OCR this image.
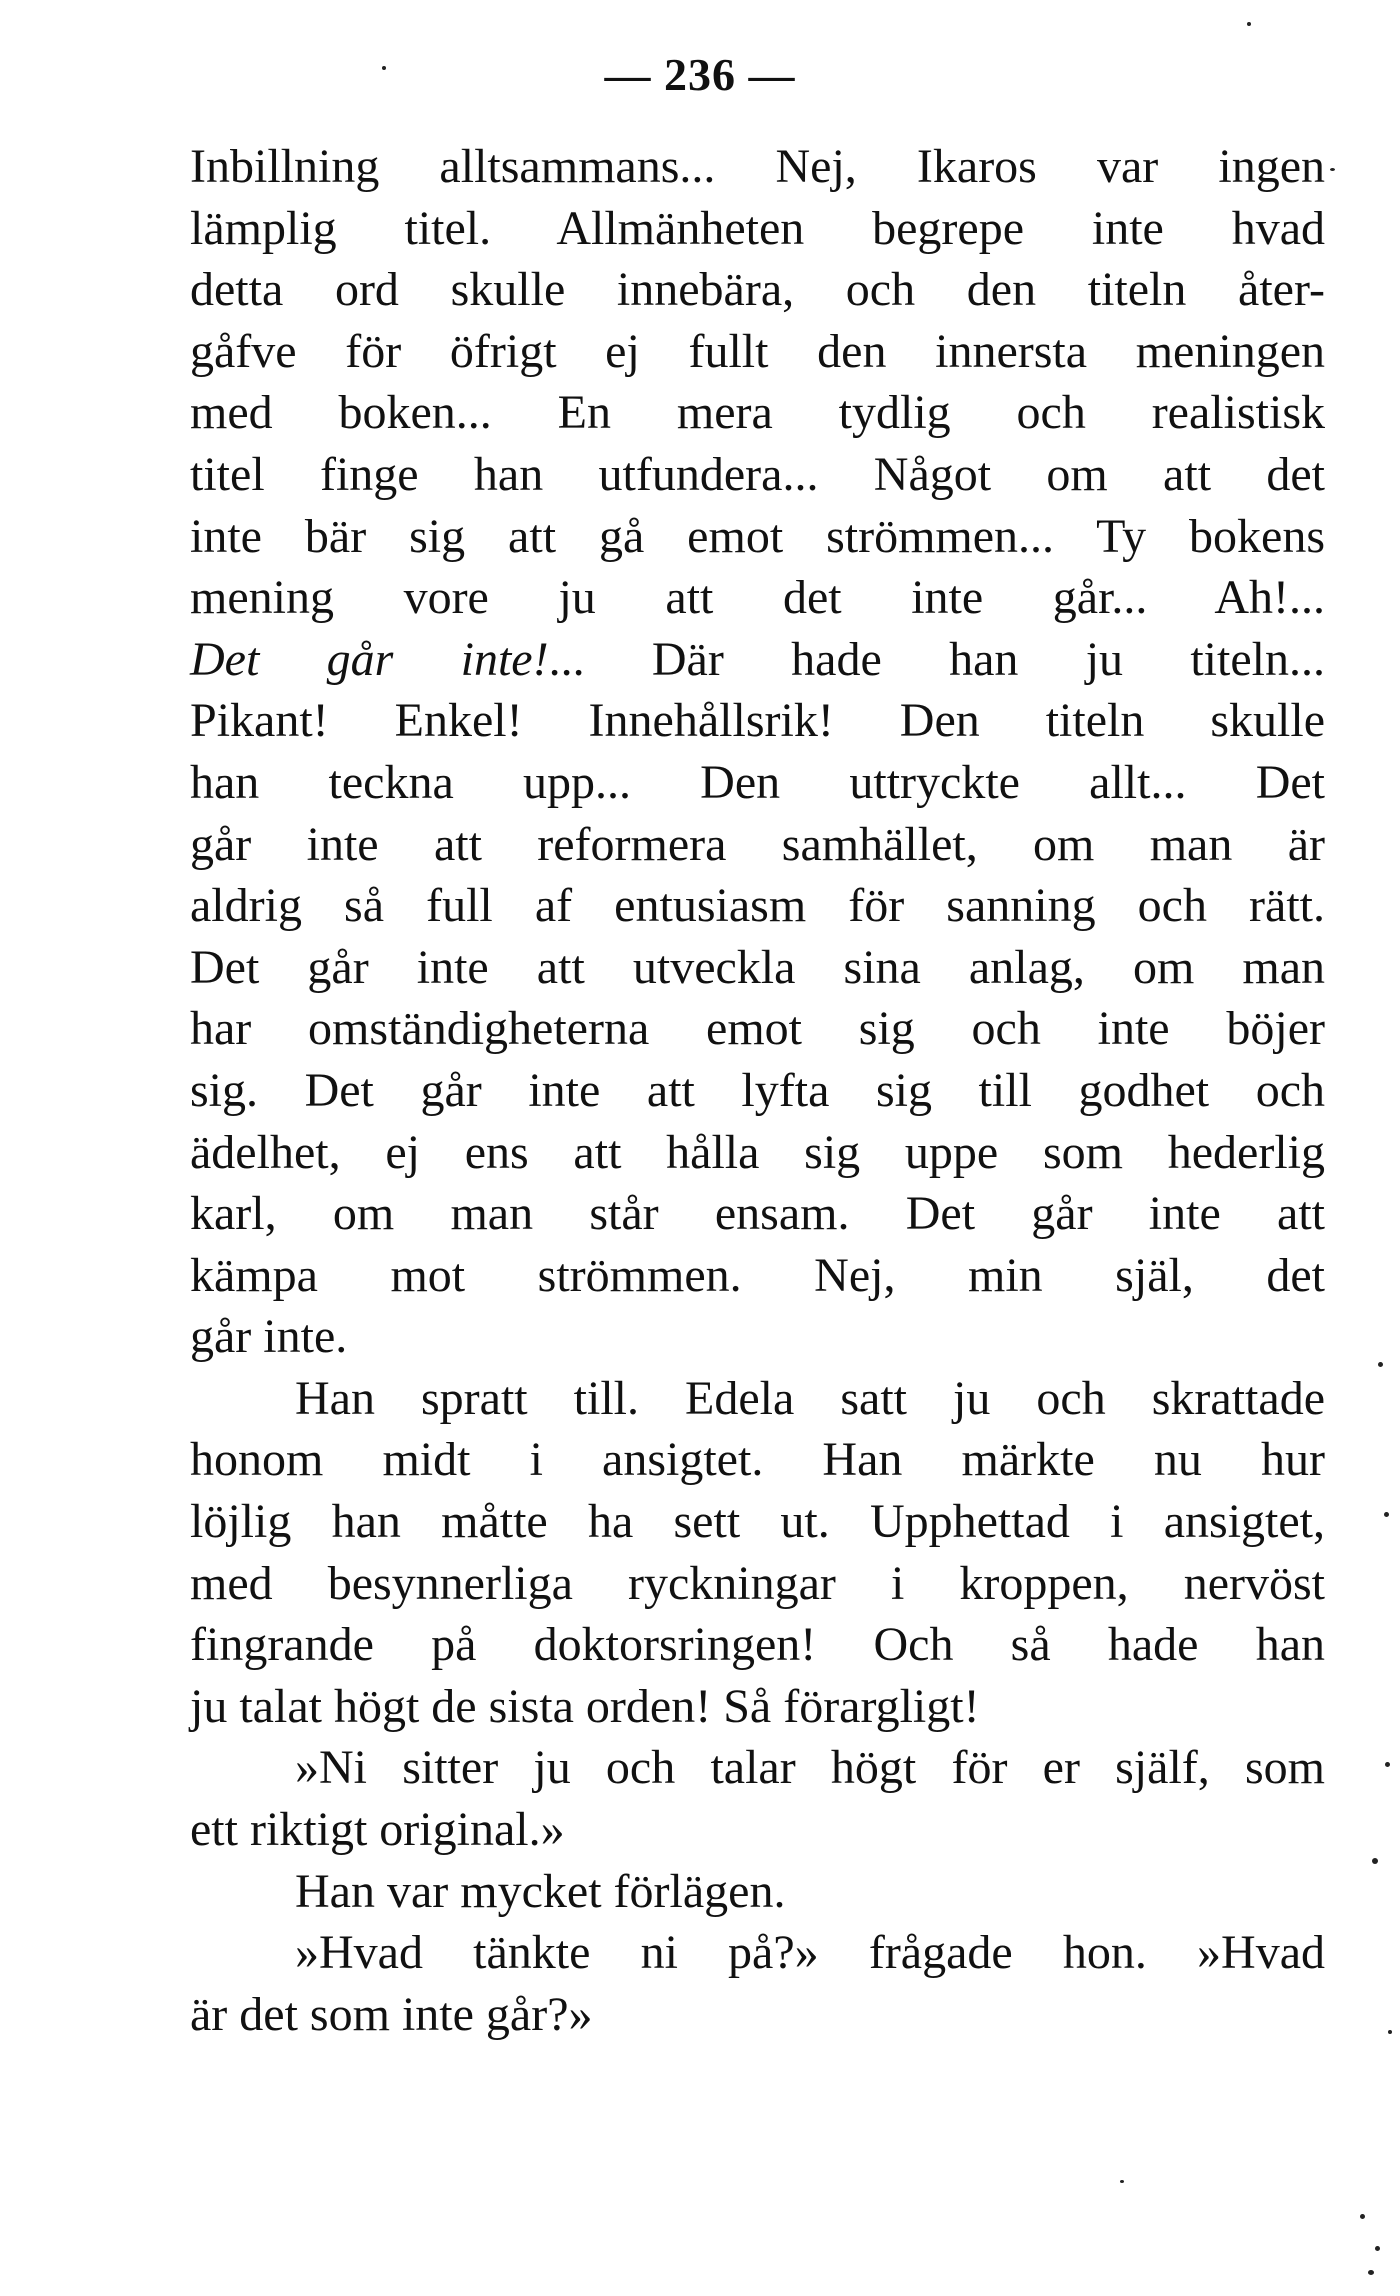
— 236 —
Inbillning alltsammans... Nej, Ikaros var ingen
lämplig titel. Allmänheten begrepe inte hvad
detta ord skulle innebära, och den titeln åter-
gåfve för öfrigt ej fullt den innersta meningen
med boken... En mera tydlig och realistisk
titel finge han utfundera... Något om att det
inte bär sig att gå emot strömmen... Ty bokens
mening vore ju att det inte går... Ah!...
Det går inte!... Där hade han ju titeln...
Pikant! Enkel! Innehållsrik! Den titeln skulle
han teckna upp... Den uttryckte allt... Det
går inte att reformera samhället, om man är
aldrig så full af entusiasm för sanning och rätt.
Det går inte att utveckla sina anlag, om man
har omständigheterna emot sig och inte böjer
sig. Det går inte att lyfta sig till godhet och
ädelhet, ej ens att hålla sig uppe som hederlig
karl, om man står ensam. Det går inte att
kämpa mot strömmen. Nej, min själ, det
går inte.
Han spratt till. Edela satt ju och skrattade
honom midt i ansigtet. Han märkte nu hur
löjlig han måtte ha sett ut. Upphettad i ansigtet,
med besynnerliga ryckningar i kroppen, nervöst
fingrande på doktorsringen! Och så hade han
ju talat högt de sista orden! Så förargligt!
»Ni sitter ju och talar högt för er själf, som
ett riktigt original.»
Han var mycket förlägen.
»Hvad tänkte ni på?» frågade hon. »Hvad
är det som inte går?»
